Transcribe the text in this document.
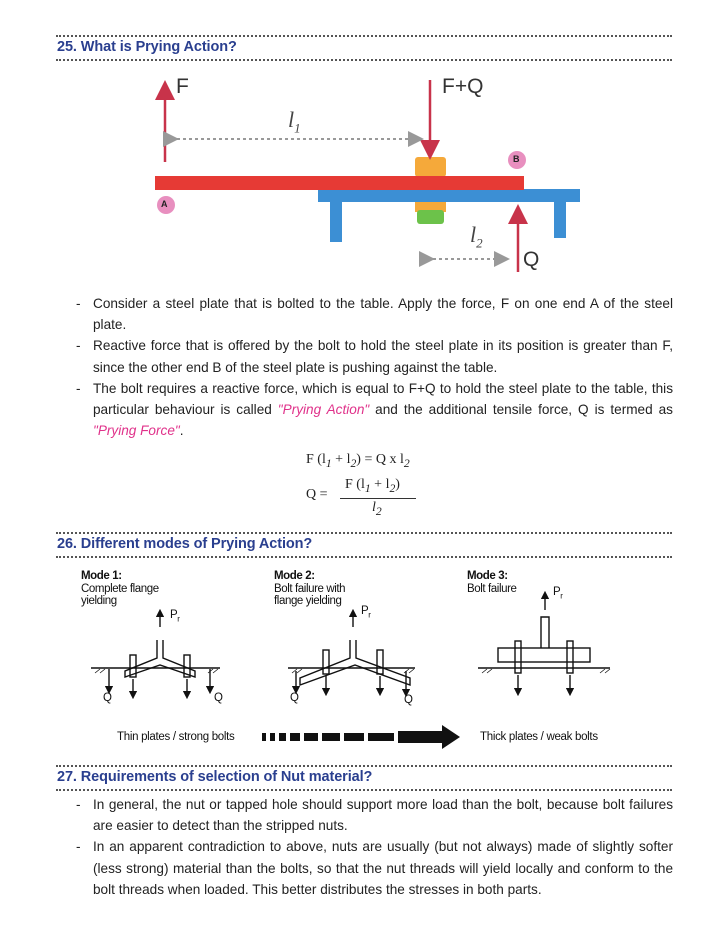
25. What is Prying Action?
F	F+Q
Q
$l_1$
$l_2$
A
B
- Consider a steel plate that is bolted to the table. Apply the force, F on one end A of the steel plate.
- Reactive force that is offered by the bolt to hold the steel plate in its position is greater than F, since the other end B of the steel plate is pushing against the table.
- The bolt requires a reactive force, which is equal to F+Q to hold the steel plate to the table, this particular behaviour is called "Prying Action" and the additional tensile force, Q is termed as "Prying Force".
F $(l_1 + l_2) = Q$ x $l_2$
Q =
F $(l_1 + l_2)$
$l_2$
26. Different modes of Prying Action?
Mode 1:
Complete flange
yielding
Mode 2:
Bolt failure with
flange yielding
Mode 3:
Bolt failure
$P_r$
$P_r$
$P_r$
Q	Q	Q	Q
Thin plates / strong bolts	Thick plates / weak bolts
27. Requirements of selection of Nut material?
- In general, the nut or tapped hole should support more load than the bolt, because bolt failures are easier to detect than the stripped nuts.
- In an apparent contradiction to above, nuts are usually (but not always) made of slightly softer (less strong) material than the bolts, so that the nut threads will yield locally and conform to the bolt threads when loaded. This better distributes the stresses in both parts.
